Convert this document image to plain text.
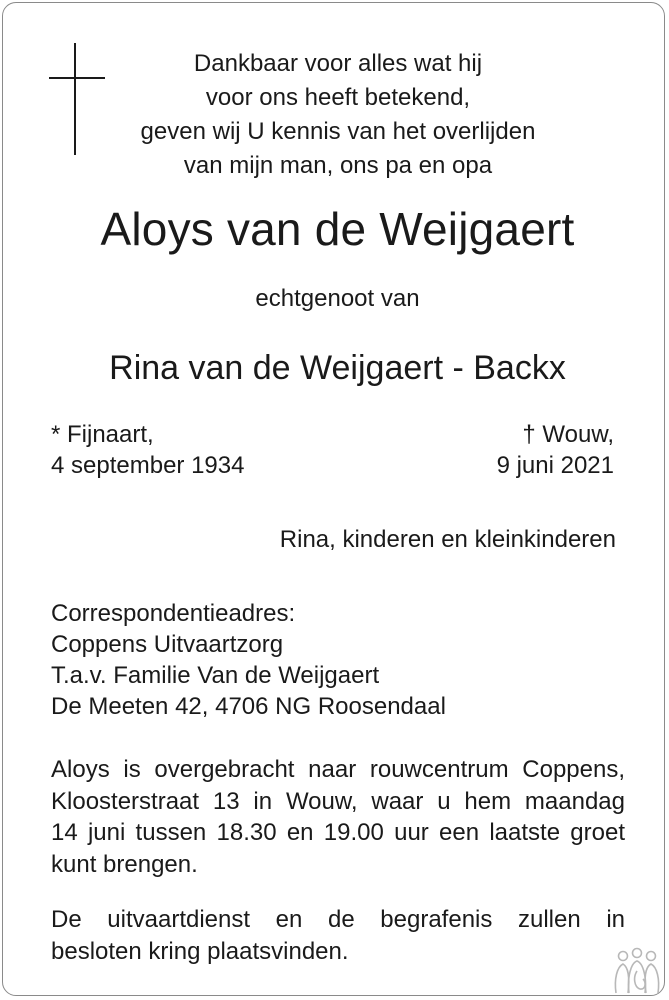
Dankbaar voor alles wat hij
voor ons heeft betekend,
geven wij U kennis van het overlijden
van mijn man, ons pa en opa
Aloys van de Weijgaert
echtgenoot van
Rina van de Weijgaert - Backx
* Fijnaart,
4 september 1934
† Wouw,
9 juni 2021
Rina, kinderen en kleinkinderen
Correspondentieadres:
Coppens Uitvaartzorg
T.a.v. Familie Van de Weijgaert
De Meeten 42, 4706 NG Roosendaal
Aloys is overgebracht naar rouwcentrum Coppens,
Kloosterstraat 13 in Wouw, waar u hem maandag
14 juni tussen 18.30 en 19.00 uur een laatste groet
kunt brengen.
De uitvaartdienst en de begrafenis zullen in
besloten kring plaatsvinden.
